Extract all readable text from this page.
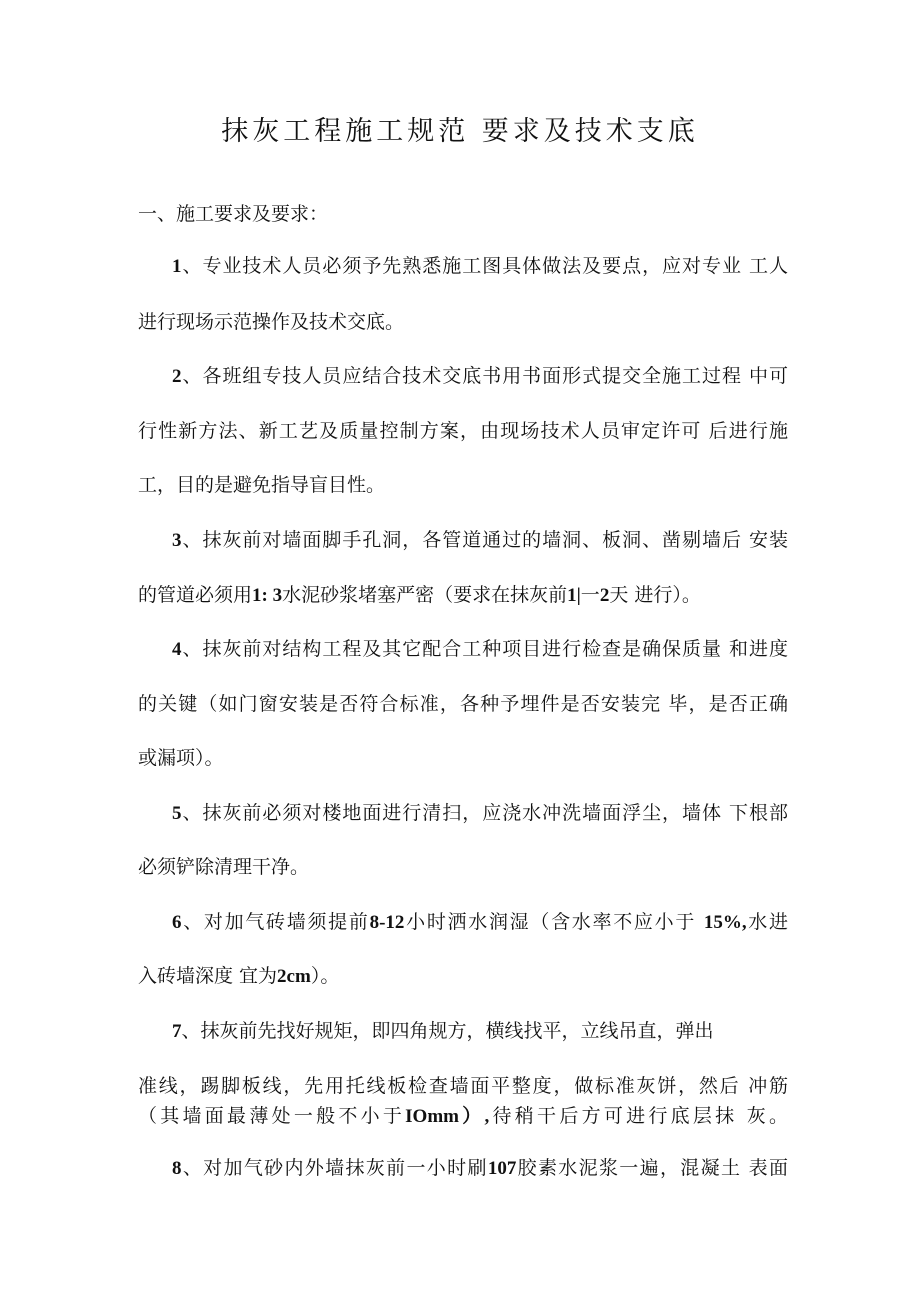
抹灰工程施工规范 要求及技术支底
一、施工要求及要求：
1、专业技术人员必须予先熟悉施工图具体做法及要点，应对专业 工人
进行现场示范操作及技术交底。
2、各班组专技人员应结合技术交底书用书面形式提交全施工过程 中可
行性新方法、新工艺及质量控制方案，由现场技术人员审定许可 后进行施
工，目的是避免指导盲目性。
3、抹灰前对墙面脚手孔洞，各管道通过的墙洞、板洞、凿剔墙后 安装
的管道必须用1: 3水泥砂浆堵塞严密（要求在抹灰前1|一2天 进行）。
4、抹灰前对结构工程及其它配合工种项目进行检查是确保质量 和进度
的关键（如门窗安装是否符合标准，各种予埋件是否安装完 毕，是否正确
或漏项）。
5、抹灰前必须对楼地面进行清扫，应浇水冲洗墙面浮尘，墙体 下根部
必须铲除清理干净。
6、对加气砖墙须提前8-12小时洒水润湿（含水率不应小于 15%,水进
入砖墙深度 宜为2cm）。
7、抹灰前先找好规矩，即四角规方，横线找平，立线吊直，弹出
准线，踢脚板线，先用托线板检查墙面平整度，做标准灰饼，然后 冲筋
（其墙面最薄处一般不小于IOmm）,待稍干后方可进行底层抹 灰。
8、对加气砂内外墙抹灰前一小时刷107胶素水泥浆一遍，混凝土 表面
